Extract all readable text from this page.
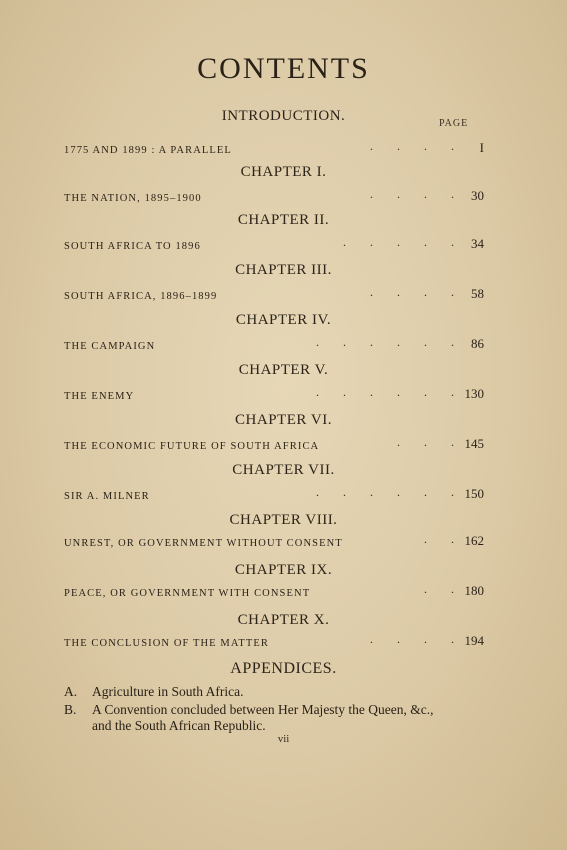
CONTENTS
PAGE
INTRODUCTION.
1775 AND 1899 : A PARALLEL	.        .        .        .	I
CHAPTER I.
THE NATION, 1895–1900	.        .        .        .	30
CHAPTER II.
SOUTH AFRICA TO 1896	.        .        .        .        .	34
CHAPTER III.
SOUTH AFRICA, 1896–1899	.        .        .        .	58
CHAPTER IV.
THE CAMPAIGN	.        .        .        .        .        .	86
CHAPTER V.
THE ENEMY	.        .        .        .        .        . 130
CHAPTER VI.
THE ECONOMIC FUTURE OF SOUTH AFRICA	.        .        . 145
CHAPTER VII.
SIR A. MILNER	.        .        .        .        .        . 150
CHAPTER VIII.
UNREST, OR GOVERNMENT WITHOUT CONSENT	.        . 162
CHAPTER IX.
PEACE, OR GOVERNMENT WITH CONSENT	.        . 180
CHAPTER X.
THE CONCLUSION OF THE MATTER	.        .        .        . 194
APPENDICES.
A. Agriculture in South Africa.
B. A Convention concluded between Her Majesty the Queen, &c.,
and the South African Republic.
vii
